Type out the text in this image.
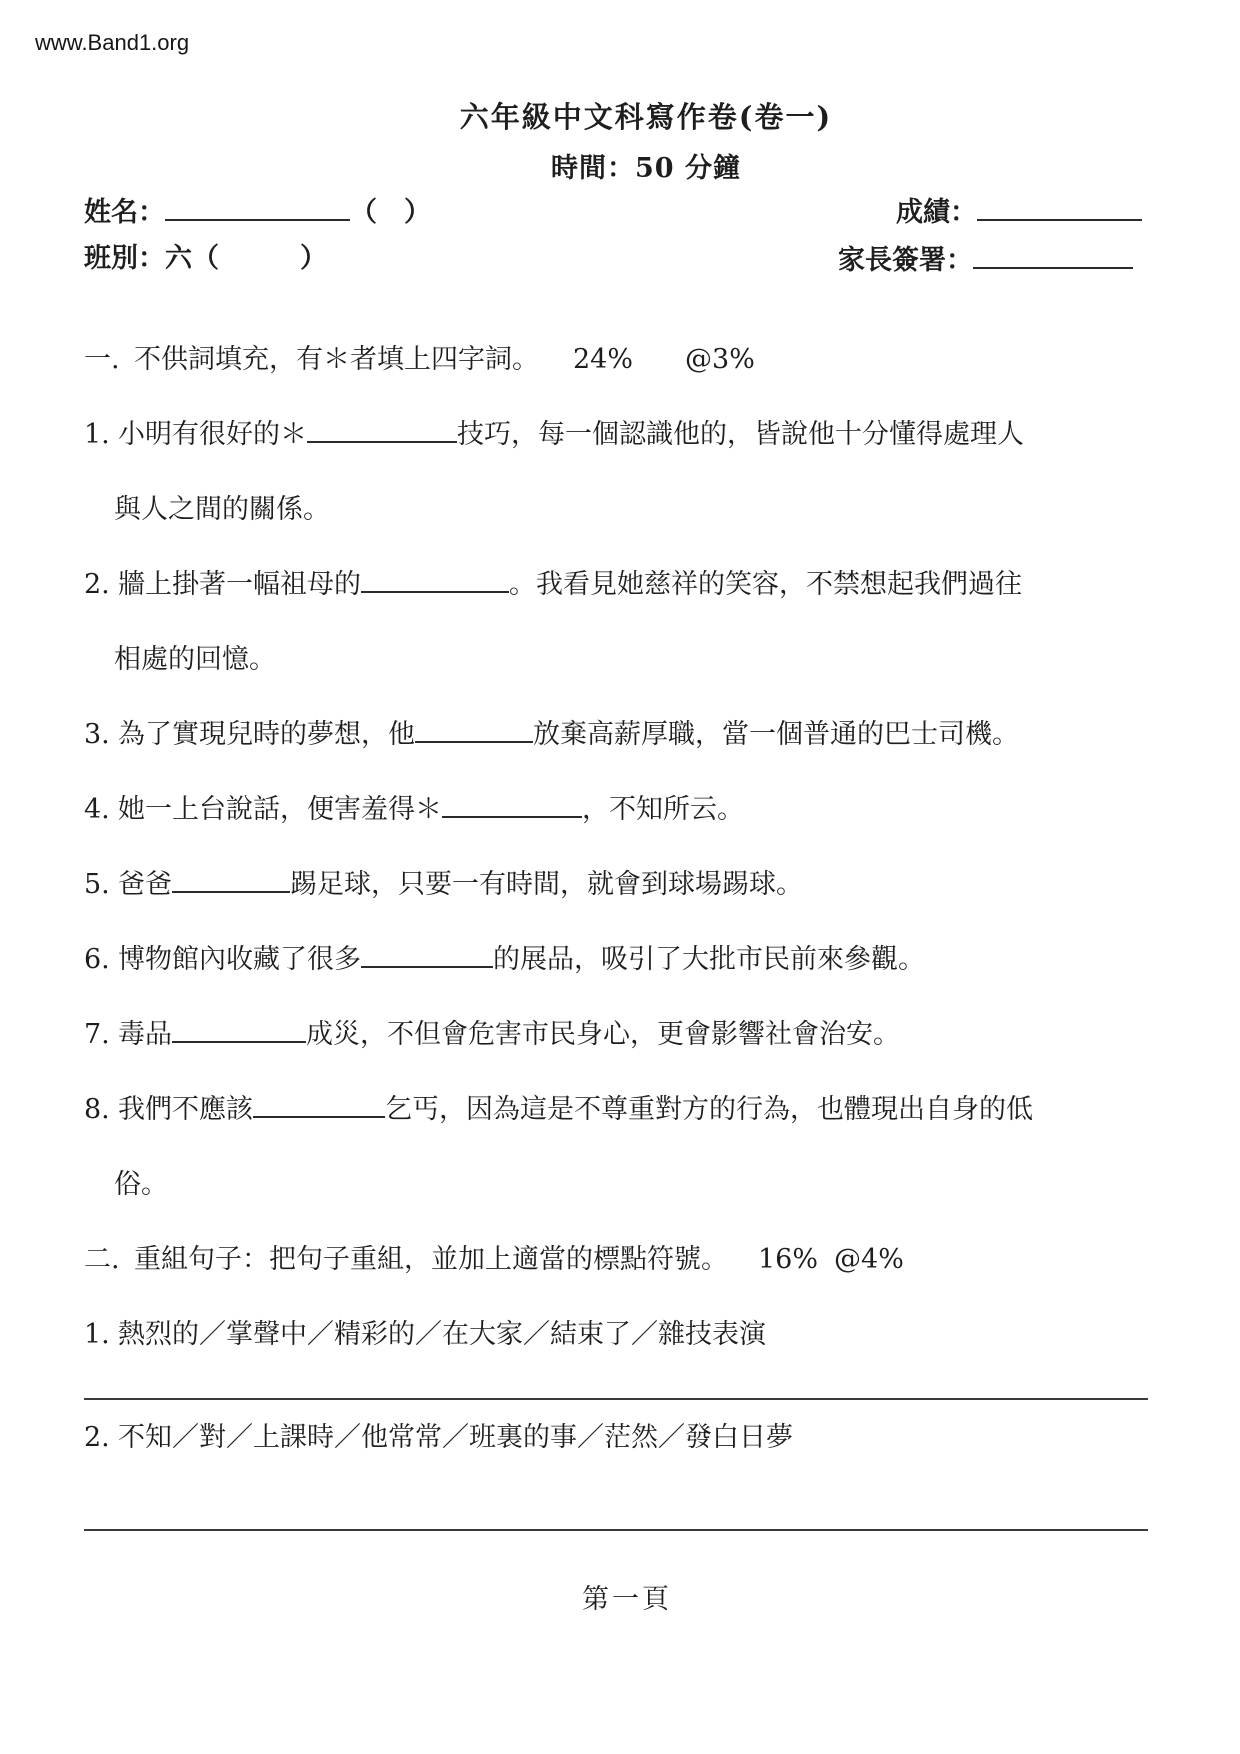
www.Band1.org
六年級中文科寫作卷(卷一)
時間：50 分鐘
姓名：	（　）
班別：六（　　　）
成績：
家長簽署：
一. 不供詞填充，有＊者填上四字詞。 24% @3%
1. 小明有很好的＊	技巧，每一個認識他的，皆說他十分懂得處理人
與人之間的關係。
2. 牆上掛著一幅祖母的	。我看見她慈祥的笑容，不禁想起我們過往
相處的回憶。
3. 為了實現兒時的夢想，他	放棄高薪厚職，當一個普通的巴士司機。
4. 她一上台說話，便害羞得＊	，不知所云。
5. 爸爸	踢足球，只要一有時間，就會到球場踢球。
6. 博物館內收藏了很多	的展品，吸引了大批市民前來參觀。
7. 毒品	成災，不但會危害市民身心，更會影響社會治安。
8. 我們不應該	乞丐，因為這是不尊重對方的行為，也體現出自身的低
俗。
二. 重組句子：把句子重組，並加上適當的標點符號。 16% @4%
1. 熱烈的／掌聲中／精彩的／在大家／結束了／雜技表演
2. 不知／對／上課時／他常常／班裏的事／茫然／發白日夢
第一頁
